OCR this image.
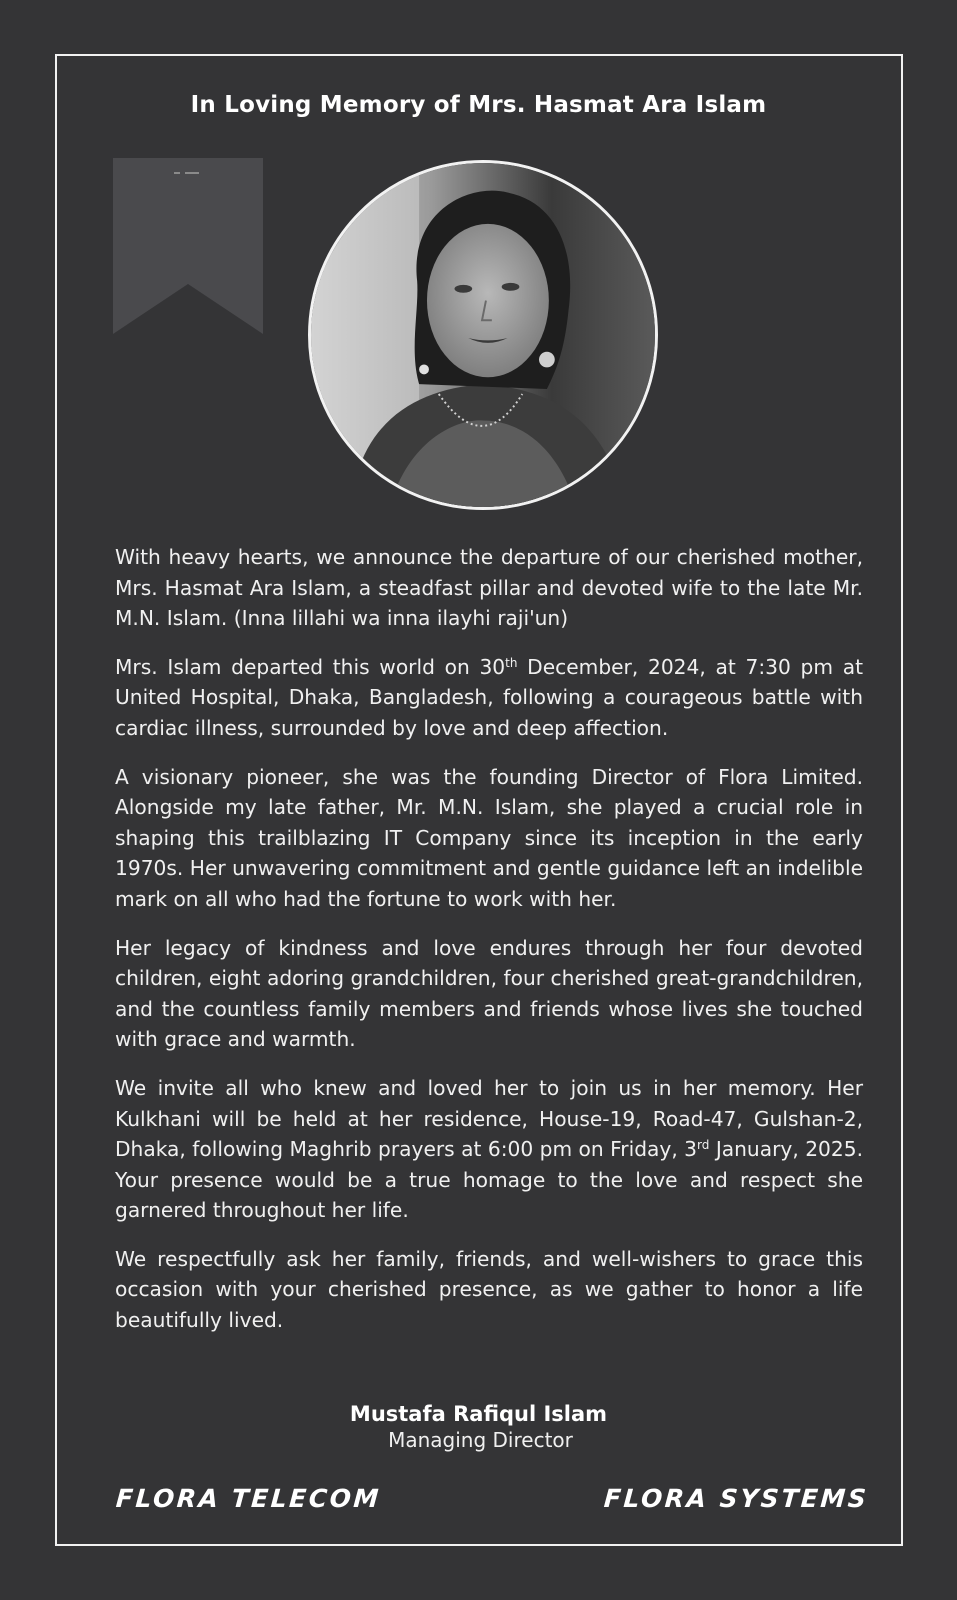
In Loving Memory of Mrs. Hasmat Ara Islam

With heavy hearts, we announce the departure of our cherished mother, Mrs. Hasmat Ara Islam, a steadfast pillar and devoted wife to the late Mr. M.N. Islam. (Inna lillahi wa inna ilayhi raji'un)

Mrs. Islam departed this world on 30th December, 2024, at 7:30 pm at United Hospital, Dhaka, Bangladesh, following a courageous battle with cardiac illness, surrounded by love and deep affection.

A visionary pioneer, she was the founding Director of Flora Limited. Alongside my late father, Mr. M.N. Islam, she played a crucial role in shaping this trailblazing IT Company since its inception in the early 1970s. Her unwavering commitment and gentle guidance left an indelible mark on all who had the fortune to work with her.

Her legacy of kindness and love endures through her four devoted children, eight adoring grandchildren, four cherished great-grandchildren, and the countless family members and friends whose lives she touched with grace and warmth.

We invite all who knew and loved her to join us in her memory. Her Kulkhani will be held at her residence, House-19, Road-47, Gulshan-2, Dhaka, following Maghrib prayers at 6:00 pm on Friday, 3rd January, 2025. Your presence would be a true homage to the love and respect she garnered throughout her life.

We respectfully ask her family, friends, and well-wishers to grace this occasion with your cherished presence, as we gather to honor a life beautifully lived.

Mustafa Rafiqul Islam
Managing Director
FLORA TELECOM	FLORA SYSTEMS
